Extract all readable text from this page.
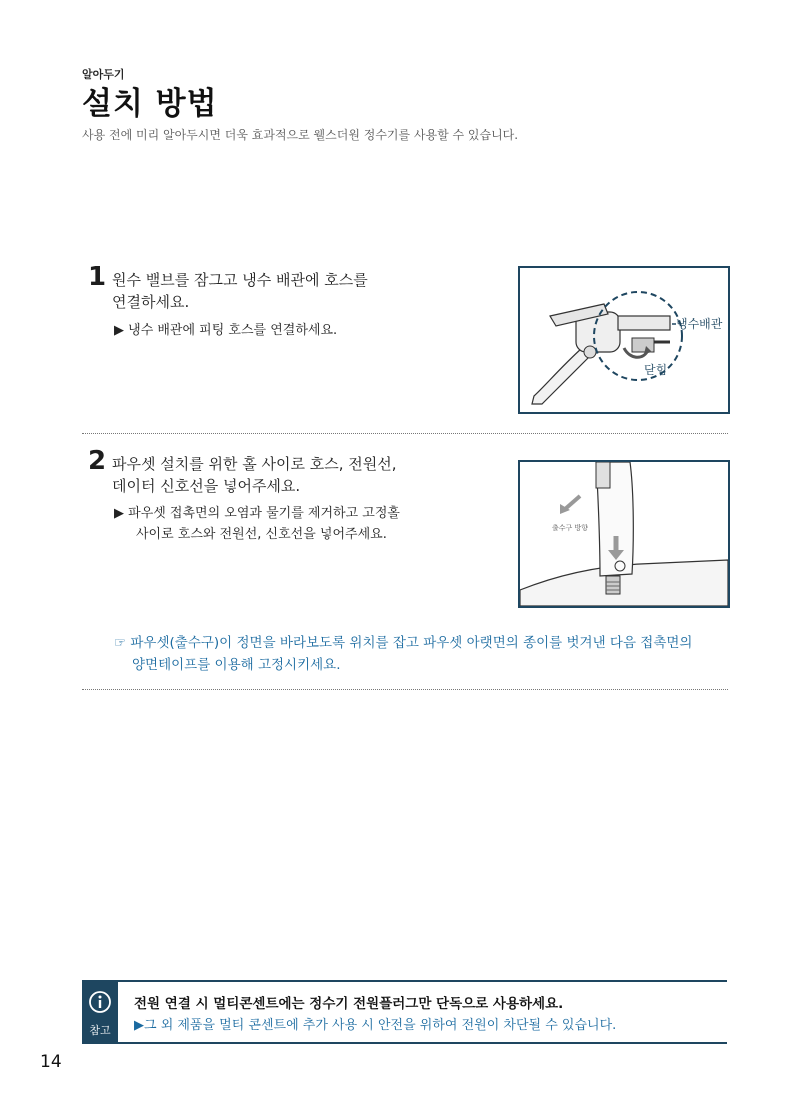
알아두기
설치 방법
사용 전에 미리 알아두시면 더욱 효과적으로 웰스더원 정수기를 사용할 수 있습니다.
1 원수 밸브를 잠그고 냉수 배관에 호스를
연결하세요.
▶ 냉수 배관에 피팅 호스를 연결하세요.	냉수배관
닫힘
2 파우셋 설치를 위한 홀 사이로 호스, 전원선,
데이터 신호선을 넣어주세요.
▶ 파우셋 접촉면의 오염과 물기를 제거하고 고정홀
사이로 호스와 전원선, 신호선을 넣어주세요.	출수구 방향
☞ 파우셋(출수구)이 정면을 바라보도록 위치를 잡고 파우셋 아랫면의 종이를 벗겨낸 다음 접촉면의
양면테이프를 이용해 고정시키세요.
참고
전원 연결 시 멀티콘센트에는 정수기 전원플러그만 단독으로 사용하세요.
▶그 외 제품을 멀티 콘센트에 추가 사용 시 안전을 위하여 전원이 차단될 수 있습니다.
14
